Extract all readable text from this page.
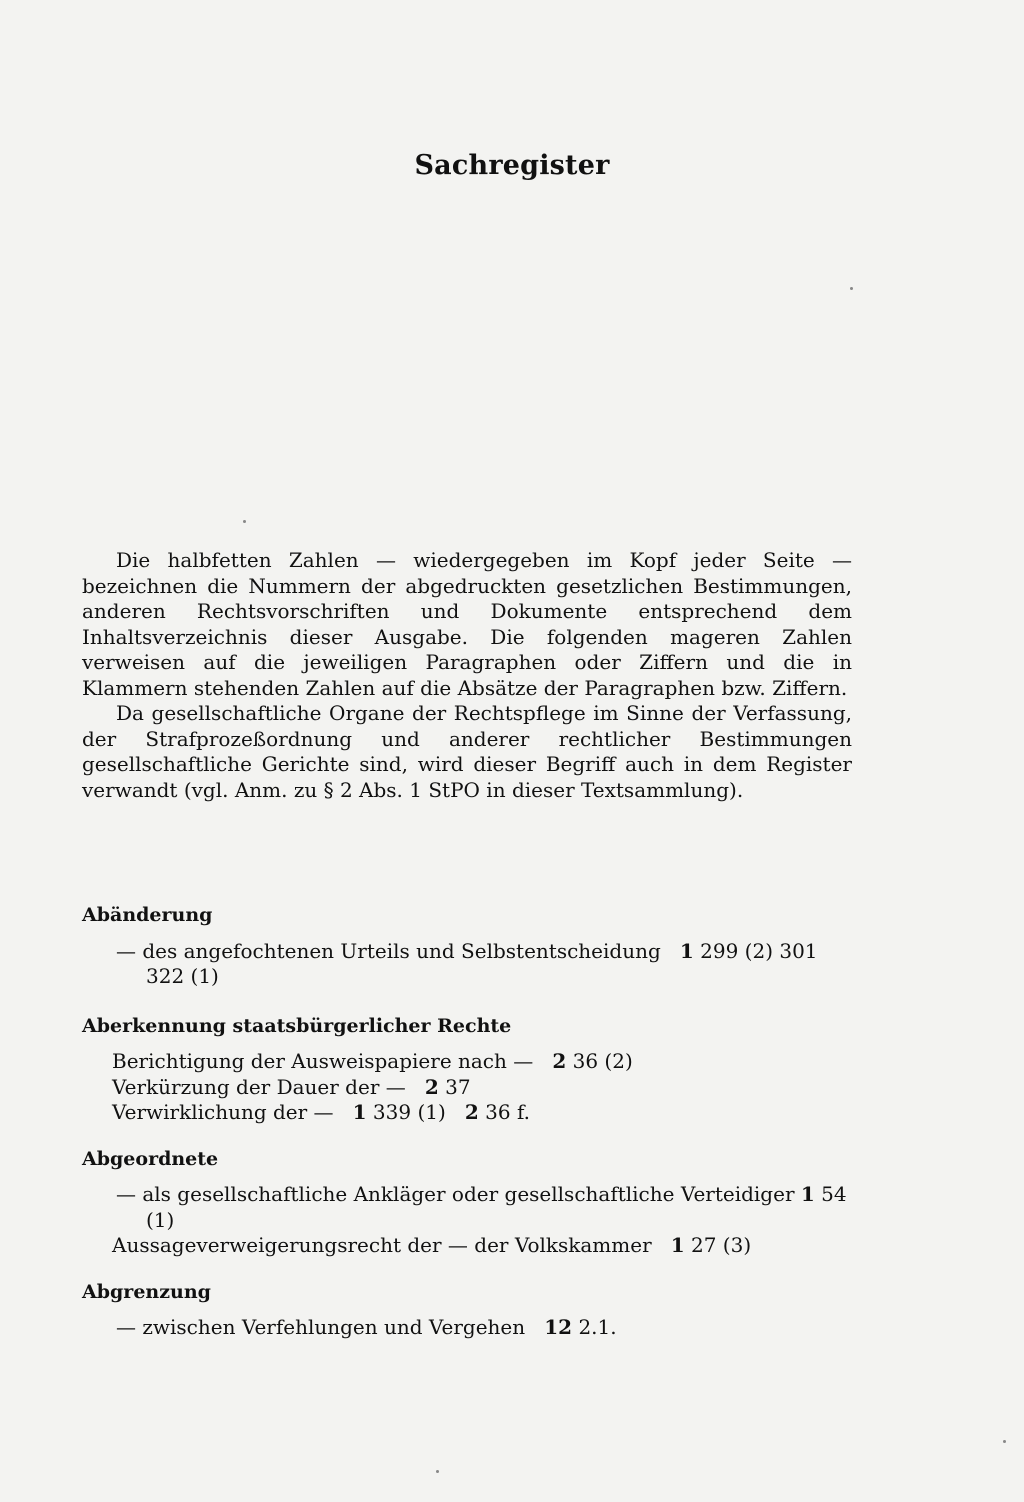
Sachregister

Die halbfetten Zahlen — wiedergegeben im Kopf jeder Seite — bezeichnen die Nummern der abgedruckten gesetzlichen Bestimmungen, anderen Rechtsvorschriften und Dokumente entsprechend dem Inhaltsverzeichnis dieser Ausgabe. Die folgenden mageren Zahlen verweisen auf die jeweiligen Paragraphen oder Ziffern und die in Klammern stehenden Zahlen auf die Absätze der Paragraphen bzw. Ziffern.

Da gesellschaftliche Organe der Rechtspflege im Sinne der Verfassung, der Strafprozeßordnung und anderer rechtlicher Bestimmungen gesellschaftliche Gerichte sind, wird dieser Begriff auch in dem Register verwandt (vgl. Anm. zu § 2 Abs. 1 StPO in dieser Textsammlung).

Abänderung
— des angefochtenen Urteils und Selbstentscheidung 1 299 (2) 301 322 (1)
Aberkennung staatsbürgerlicher Rechte
Berichtigung der Ausweispapiere nach — 2 36 (2)
Verkürzung der Dauer der — 2 37
Verwirklichung der — 1 339 (1) 2 36 f.
Abgeordnete
— als gesellschaftliche Ankläger oder gesellschaftliche Verteidiger 1 54 (1)
Aussageverweigerungsrecht der — der Volkskammer 1 27 (3)
Abgrenzung
— zwischen Verfehlungen und Vergehen 12 2.1.
